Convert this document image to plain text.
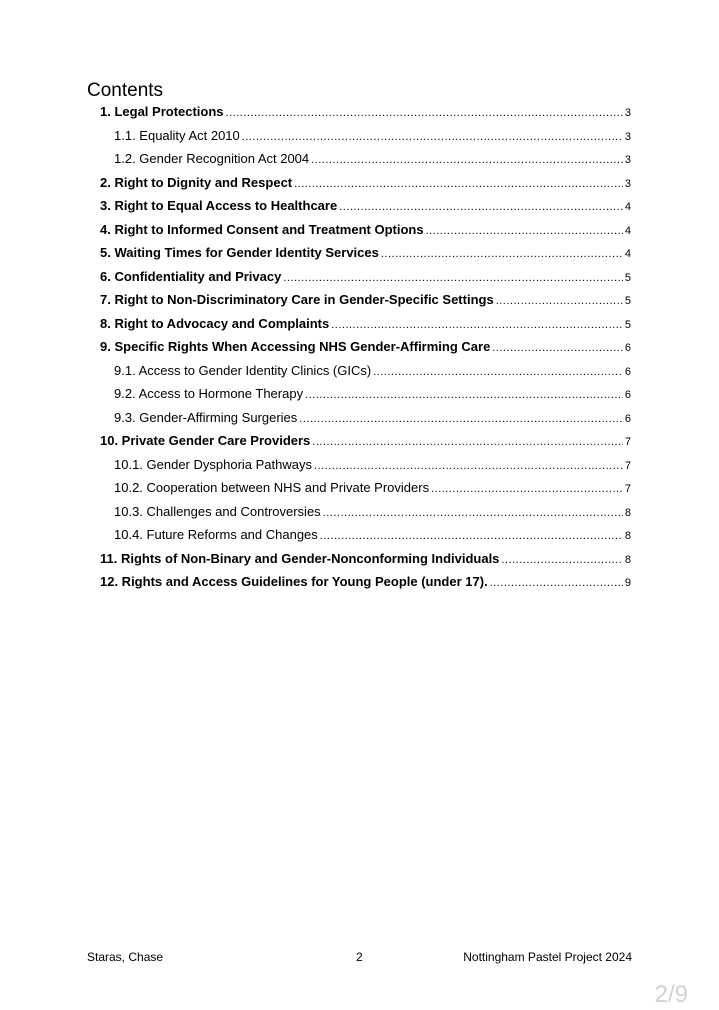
Contents
1. Legal Protections .....	3
1.1. Equality Act 2010 .....	3
1.2. Gender Recognition Act 2004 .....	3
2. Right to Dignity and Respect .....	3
3. Right to Equal Access to Healthcare .....	4
4. Right to Informed Consent and Treatment Options .....	4
5. Waiting Times for Gender Identity Services .....	4
6. Confidentiality and Privacy .....	5
7. Right to Non-Discriminatory Care in Gender-Specific Settings .....	5
8. Right to Advocacy and Complaints .....	5
9. Specific Rights When Accessing NHS Gender-Affirming Care .....	6
9.1. Access to Gender Identity Clinics (GICs) .....	6
9.2. Access to Hormone Therapy .....	6
9.3. Gender-Affirming Surgeries .....	6
10. Private Gender Care Providers .....	7
10.1. Gender Dysphoria Pathways .....	7
10.2. Cooperation between NHS and Private Providers .....	7
10.3. Challenges and Controversies .....	8
10.4. Future Reforms and Changes .....	8
11. Rights of Non-Binary and Gender-Nonconforming Individuals .....	8
12. Rights and Access Guidelines for Young People (under 17). .....	9
Staras, Chase	2	Nottingham Pastel Project 2024
2/9
